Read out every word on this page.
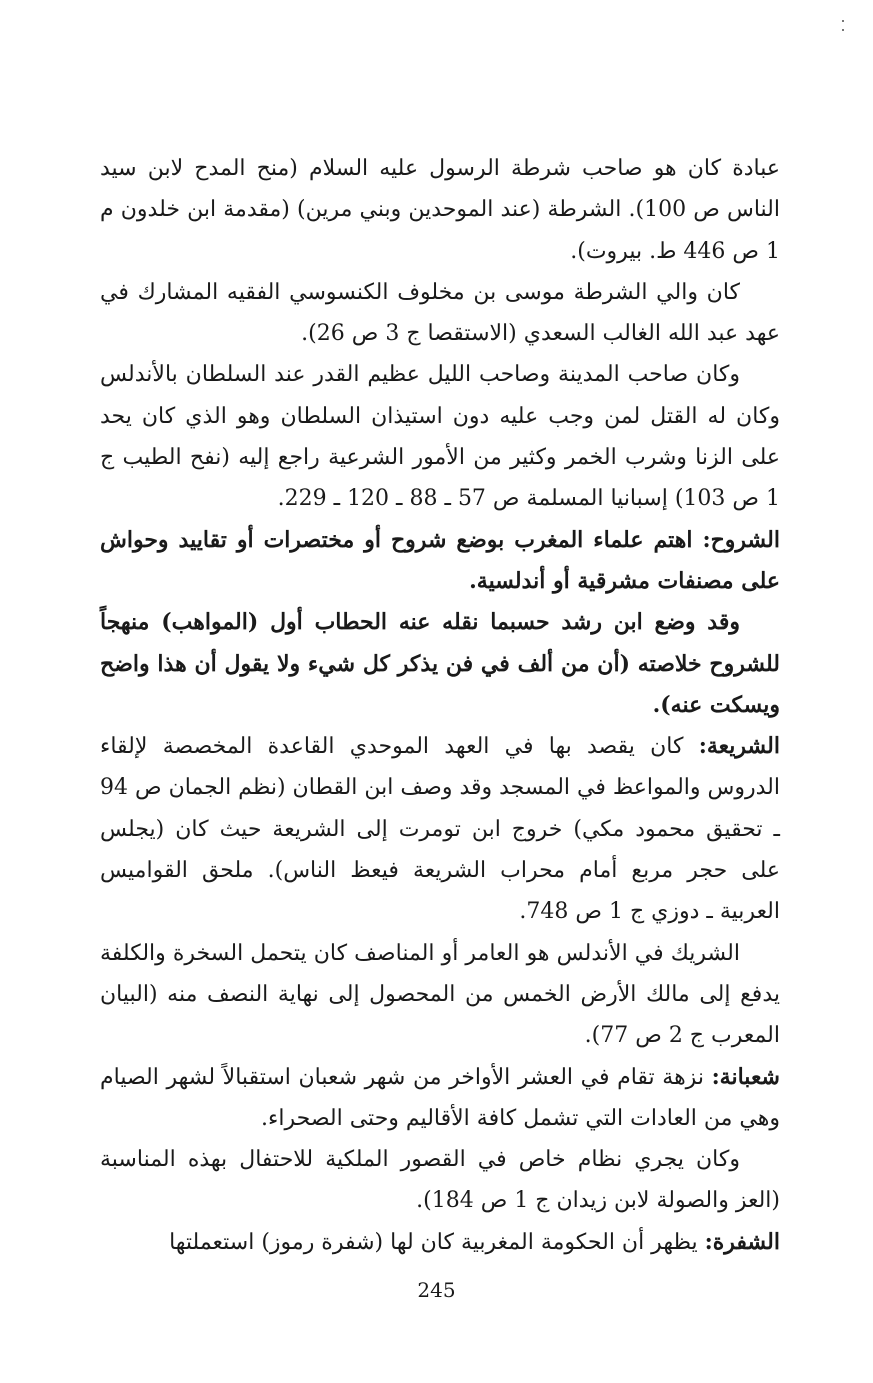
عبادة كان هو صاحب شرطة الرسول عليه السلام (منح المدح لابن سيد الناس ص 100). الشرطة (عند الموحدين وبني مرين) (مقدمة ابن خلدون م 1 ص 446 ط. بيروت).

كان والي الشرطة موسى بن مخلوف الكنسوسي الفقيه المشارك في عهد عبد الله الغالب السعدي (الاستقصا ج 3 ص 26).

وكان صاحب المدينة وصاحب الليل عظيم القدر عند السلطان بالأندلس وكان له القتل لمن وجب عليه دون استيذان السلطان وهو الذي كان يحد على الزنا وشرب الخمر وكثير من الأمور الشرعية راجع إليه (نفح الطيب ج 1 ص 103) إسبانيا المسلمة ص 57 ـ 88 ـ 120 ـ 229.

الشروح: اهتم علماء المغرب بوضع شروح أو مختصرات أو تقاييد وحواش على مصنفات مشرقية أو أندلسية.

وقد وضع ابن رشد حسبما نقله عنه الحطاب أول (المواهب) منهجاً للشروح خلاصته (أن من ألف في فن يذكر كل شيء ولا يقول أن هذا واضح ويسكت عنه).

الشريعة: كان يقصد بها في العهد الموحدي القاعدة المخصصة لإلقاء الدروس والمواعظ في المسجد وقد وصف ابن القطان (نظم الجمان ص 94 ـ تحقيق محمود مكي) خروج ابن تومرت إلى الشريعة حيث كان (يجلس على حجر مربع أمام محراب الشريعة فيعظ الناس). ملحق القواميس العربية ـ دوزي ج 1 ص 748.

الشريك في الأندلس هو العامر أو المناصف كان يتحمل السخرة والكلفة يدفع إلى مالك الأرض الخمس من المحصول إلى نهاية النصف منه (البيان المعرب ج 2 ص 77).

شعبانة: نزهة تقام في العشر الأواخر من شهر شعبان استقبالاً لشهر الصيام وهي من العادات التي تشمل كافة الأقاليم وحتى الصحراء.

وكان يجري نظام خاص في القصور الملكية للاحتفال بهذه المناسبة (العز والصولة لابن زيدان ج 1 ص 184).

الشفرة: يظهر أن الحكومة المغربية كان لها (شفرة رموز) استعملتها

245
